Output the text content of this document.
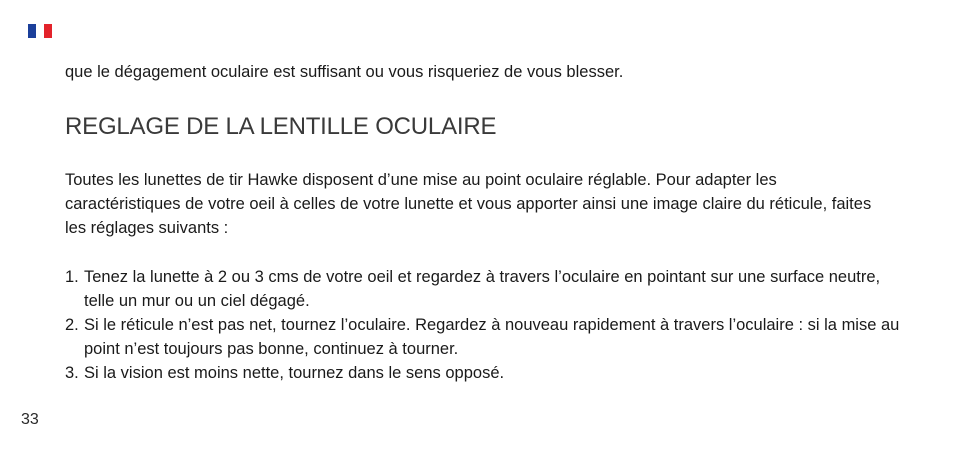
que le dégagement oculaire est suffisant ou vous risqueriez de vous blesser.
REGLAGE DE LA LENTILLE OCULAIRE

Toutes les lunettes de tir Hawke disposent d’une mise au point oculaire réglable. Pour adapter les caractéristiques de votre oeil à celles de votre lunette et vous apporter ainsi une image claire du réticule, faites les réglages suivants :

1. Tenez la lunette à 2 ou 3 cms de votre oeil et regardez à travers l’oculaire en pointant sur une surface neutre, telle un mur ou un ciel dégagé.
2. Si le réticule n’est pas net, tournez l’oculaire. Regardez à nouveau rapidement à travers l’oculaire : si la mise au point n’est toujours pas bonne, continuez à tourner.
3. Si la vision est moins nette, tournez dans le sens opposé.
33
